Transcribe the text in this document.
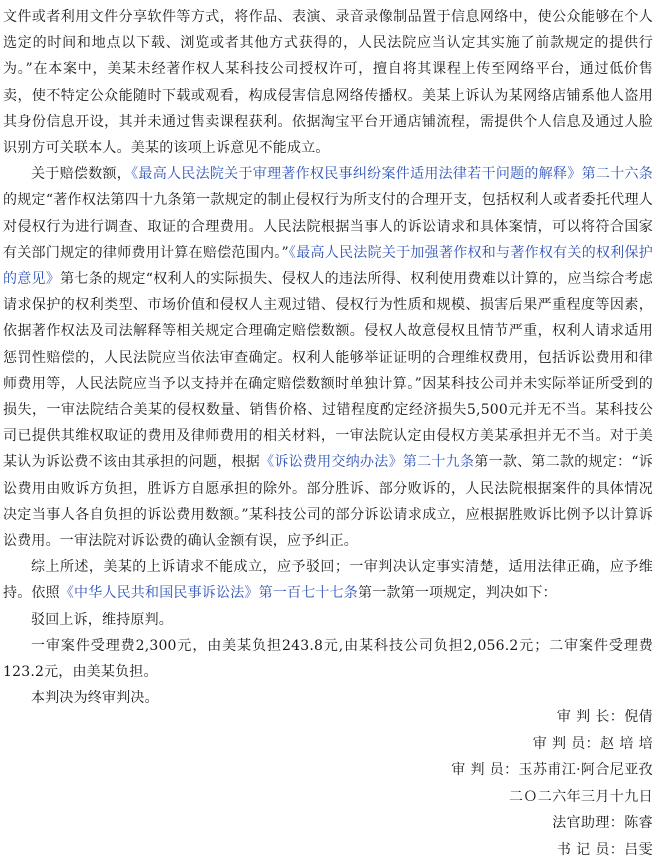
文件或者利用文件分享软件等方式，将作品、表演、录音录像制品置于信息网络中，使公众能够在个人选定的时间和地点以下载、浏览或者其他方式获得的，人民法院应当认定其实施了前款规定的提供行为。”在本案中，美某未经著作权人某科技公司授权许可，擅自将其课程上传至网络平台，通过低价售卖，使不特定公众能随时下载或观看，构成侵害信息网络传播权。美某上诉认为某网络店铺系他人盗用其身份信息开设，其并未通过售卖课程获利。依据淘宝平台开通店铺流程，需提供个人信息及通过人脸识别方可关联本人。美某的该项上诉意见不能成立。

关于赔偿数额，《最高人民法院关于审理著作权民事纠纷案件适用法律若干问题的解释》第二十六条的规定“著作权法第四十九条第一款规定的制止侵权行为所支付的合理开支，包括权利人或者委托代理人对侵权行为进行调查、取证的合理费用。人民法院根据当事人的诉讼请求和具体案情，可以将符合国家有关部门规定的律师费用计算在赔偿范围内。”《最高人民法院关于加强著作权和与著作权有关的权利保护的意见》第七条的规定“权利人的实际损失、侵权人的违法所得、权利使用费难以计算的，应当综合考虑请求保护的权利类型、市场价值和侵权人主观过错、侵权行为性质和规模、损害后果严重程度等因素，依据著作权法及司法解释等相关规定合理确定赔偿数额。侵权人故意侵权且情节严重，权利人请求适用惩罚性赔偿的，人民法院应当依法审查确定。权利人能够举证证明的合理维权费用，包括诉讼费用和律师费用等，人民法院应当予以支持并在确定赔偿数额时单独计算。”因某科技公司并未实际举证所受到的损失，一审法院结合美某的侵权数量、销售价格、过错程度酌定经济损失5,500元并无不当。某科技公司已提供其维权取证的费用及律师费用的相关材料，一审法院认定由侵权方美某承担并无不当。对于美某认为诉讼费不该由其承担的问题，根据《诉讼费用交纳办法》第二十九条第一款、第二款的规定：“诉讼费用由败诉方负担，胜诉方自愿承担的除外。部分胜诉、部分败诉的，人民法院根据案件的具体情况决定当事人各自负担的诉讼费用数额。”某科技公司的部分诉讼请求成立，应根据胜败诉比例予以计算诉讼费用。一审法院对诉讼费的确认金额有误，应予纠正。

综上所述，美某的上诉请求不能成立，应予驳回；一审判决认定事实清楚，适用法律正确，应予维持。依照《中华人民共和国民事诉讼法》第一百七十七条第一款第一项规定，判决如下：

驳回上诉，维持原判。

一审案件受理费2,300元，由美某负担243.8元,由某科技公司负担2,056.2元；二审案件受理费123.2元，由美某负担。

本判决为终审判决。

审 判 长：倪倩
审 判 员：赵 培 培
审 判 员：玉苏甫江·阿合尼亚孜
二Ｏ二六年三月十九日
法官助理：陈睿
书 记 员：吕雯
